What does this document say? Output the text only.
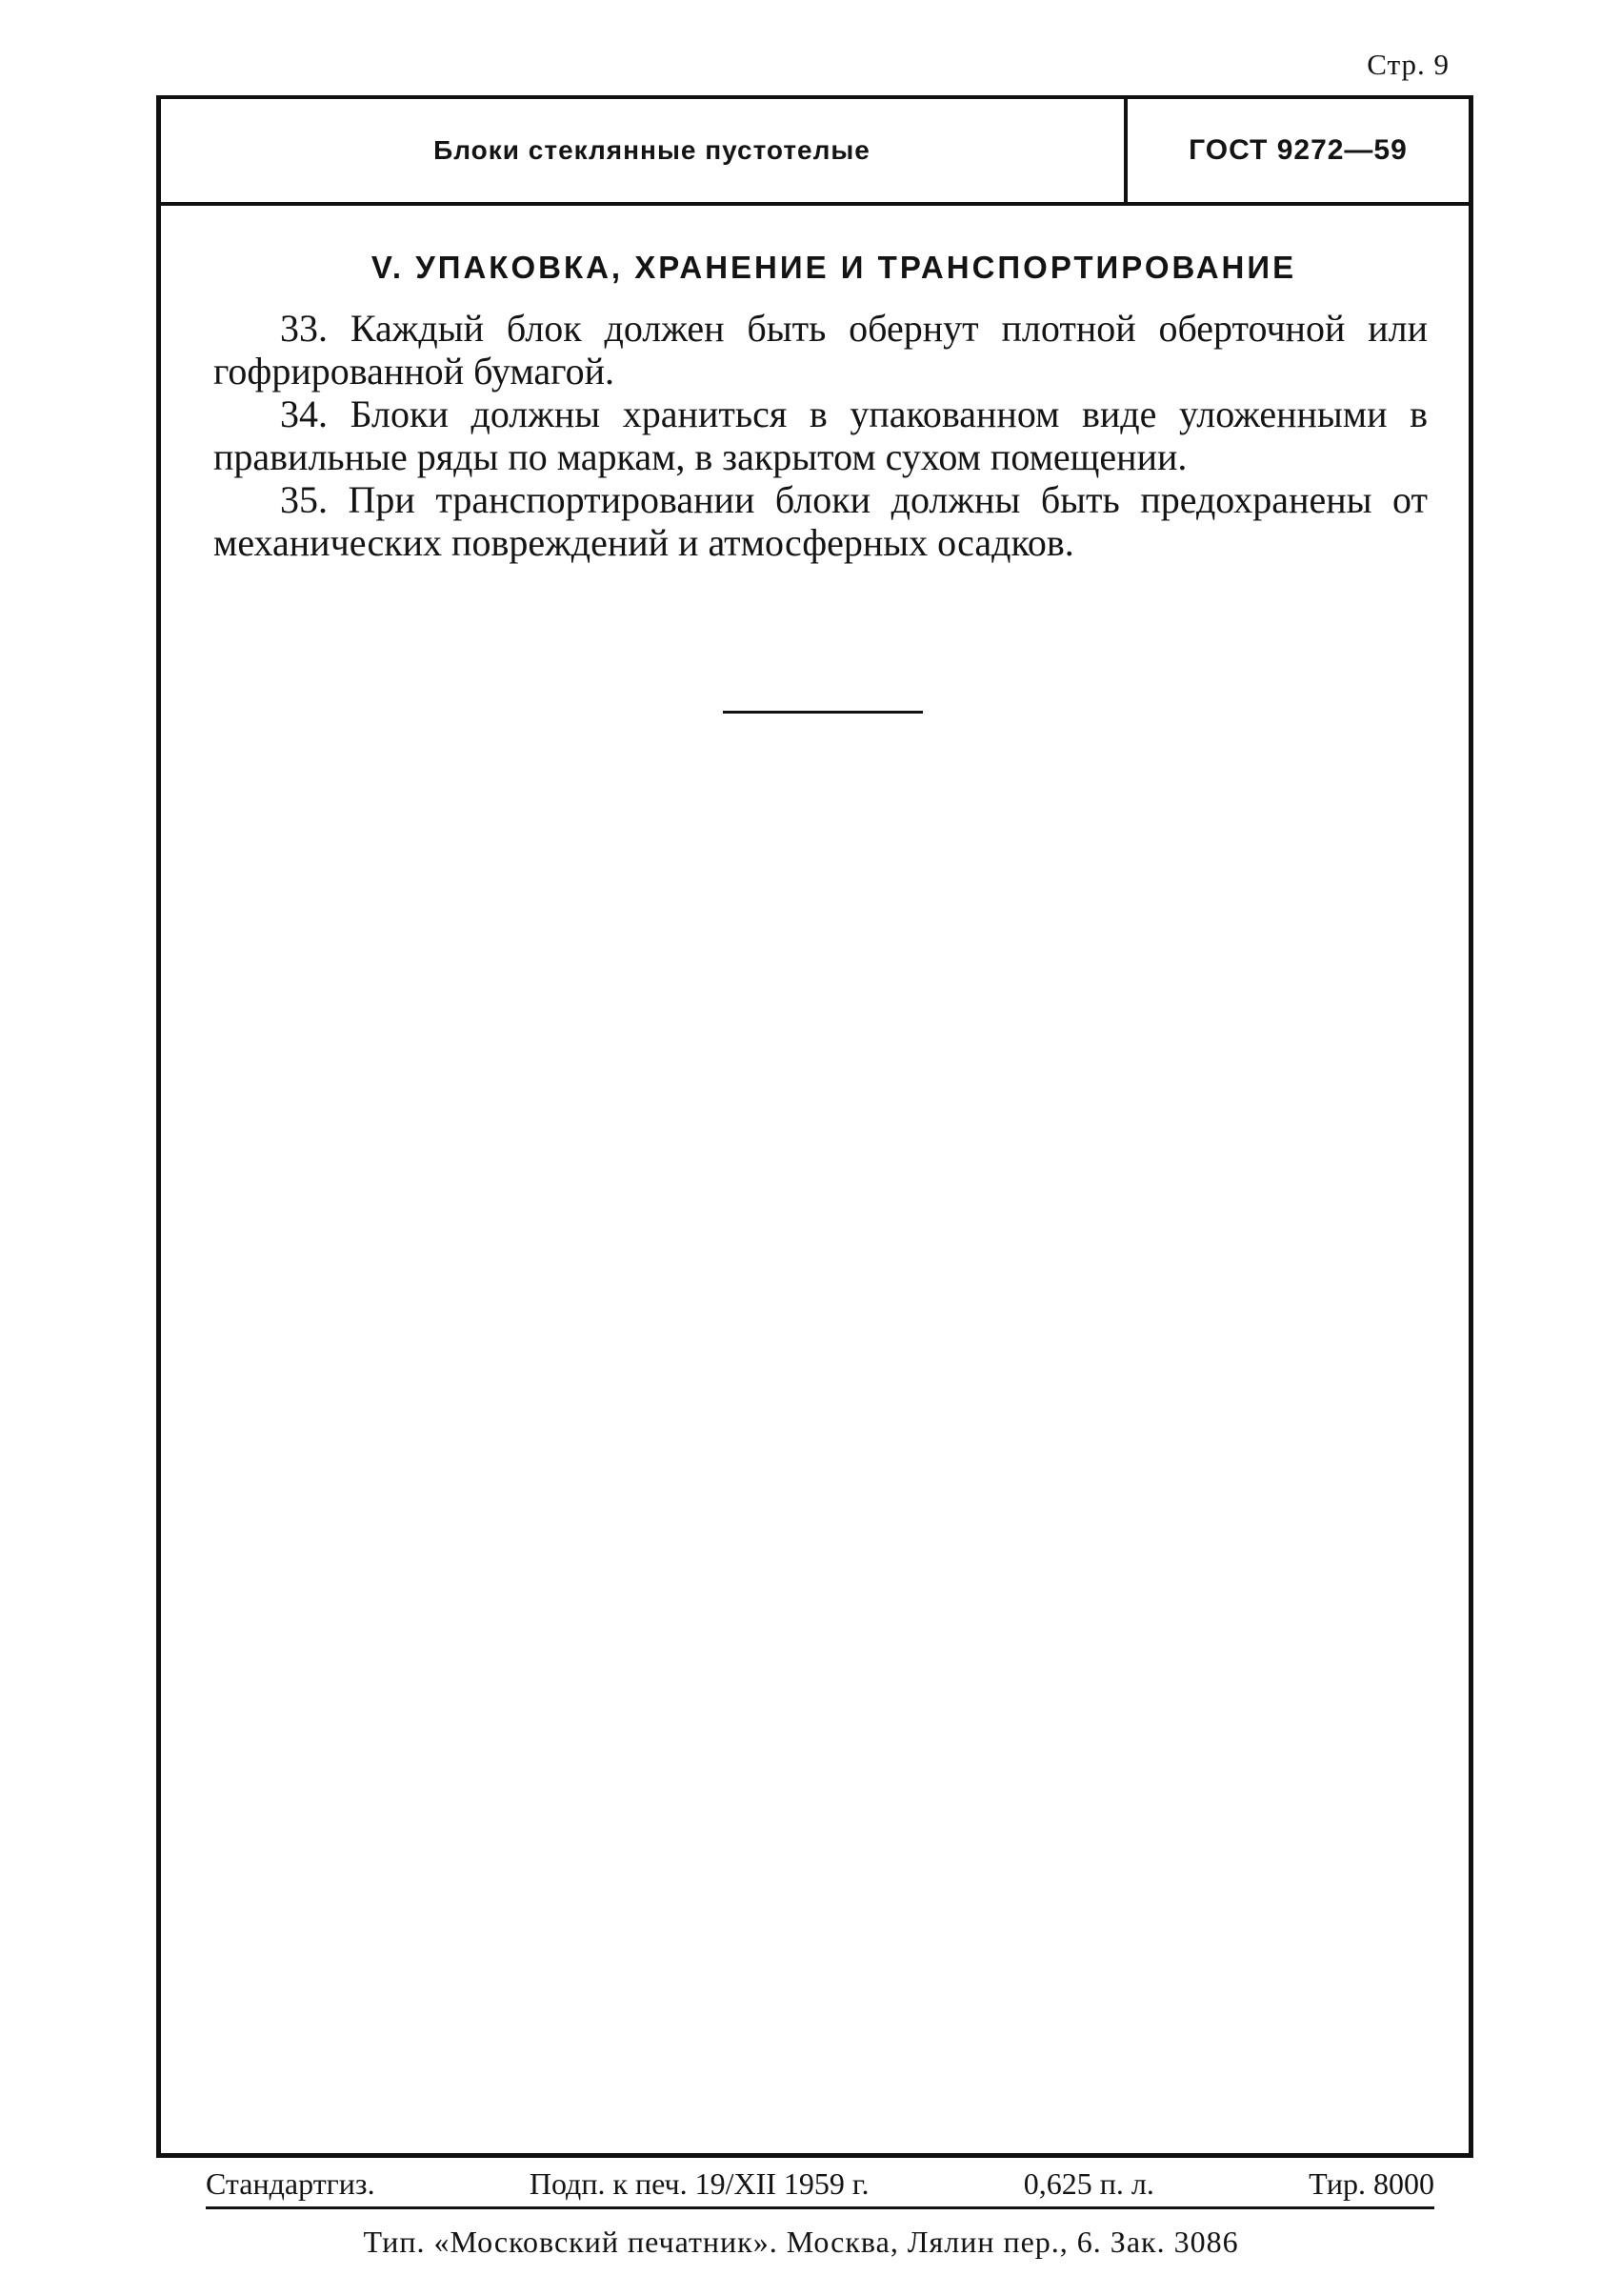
Стр. 9
Блоки стеклянные пустотелые	ГОСТ 9272—59
V. УПАКОВКА, ХРАНЕНИЕ И ТРАНСПОРТИРОВАНИЕ

33. Каждый блок должен быть обернут плотной оберточной или гофрированной бумагой.

34. Блоки должны храниться в упакованном виде уложенными в правильные ряды по маркам, в закрытом сухом помещении.

35. При транспортировании блоки должны быть предохранены от механических повреждений и атмосферных осадков.

Стандартгиз.	Подп. к печ. 19/XII 1959 г.	0,625 п. л.	Тир. 8000
Тип. «Московский печатник». Москва, Лялин пер., 6. Зак. 3086
